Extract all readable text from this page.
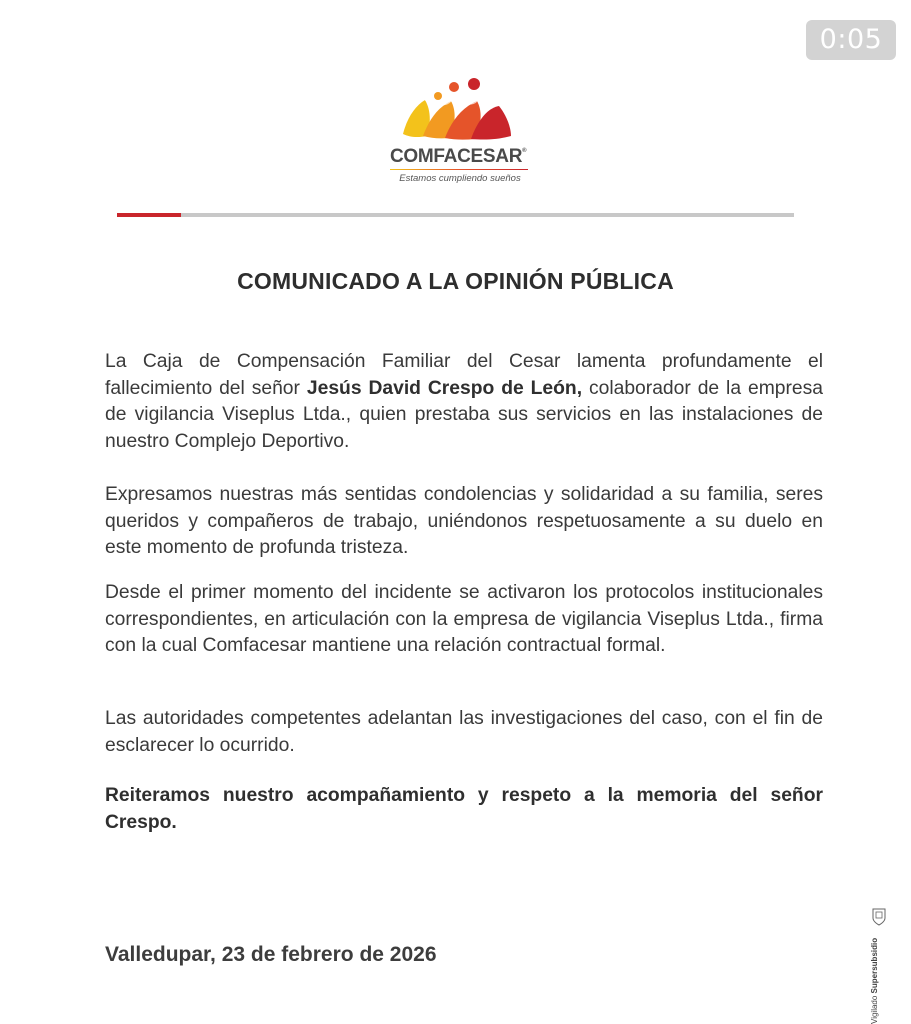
0:05
COMFACESAR®
Estamos cumpliendo sueños
COMUNICADO A LA OPINIÓN PÚBLICA

La Caja de Compensación Familiar del Cesar lamenta profundamente el fallecimiento del señor Jesús David Crespo de León, colaborador de la empresa de vigilancia Viseplus Ltda., quien prestaba sus servicios en las instalaciones de nuestro Complejo Deportivo.

Expresamos nuestras más sentidas condolencias y solidaridad a su familia, seres queridos y compañeros de trabajo, uniéndonos respetuosamente a su duelo en este momento de profunda tristeza.

Desde el primer momento del incidente se activaron los protocolos institucionales correspondientes, en articulación con la empresa de vigilancia Viseplus Ltda., firma con la cual Comfacesar mantiene una relación contractual formal.

Las autoridades competentes adelantan las investigaciones del caso, con el fin de esclarecer lo ocurrido.

Reiteramos nuestro acompañamiento y respeto a la memoria del señor Crespo.

Valledupar, 23 de febrero de 2026
Vigilado Supersubsidio
